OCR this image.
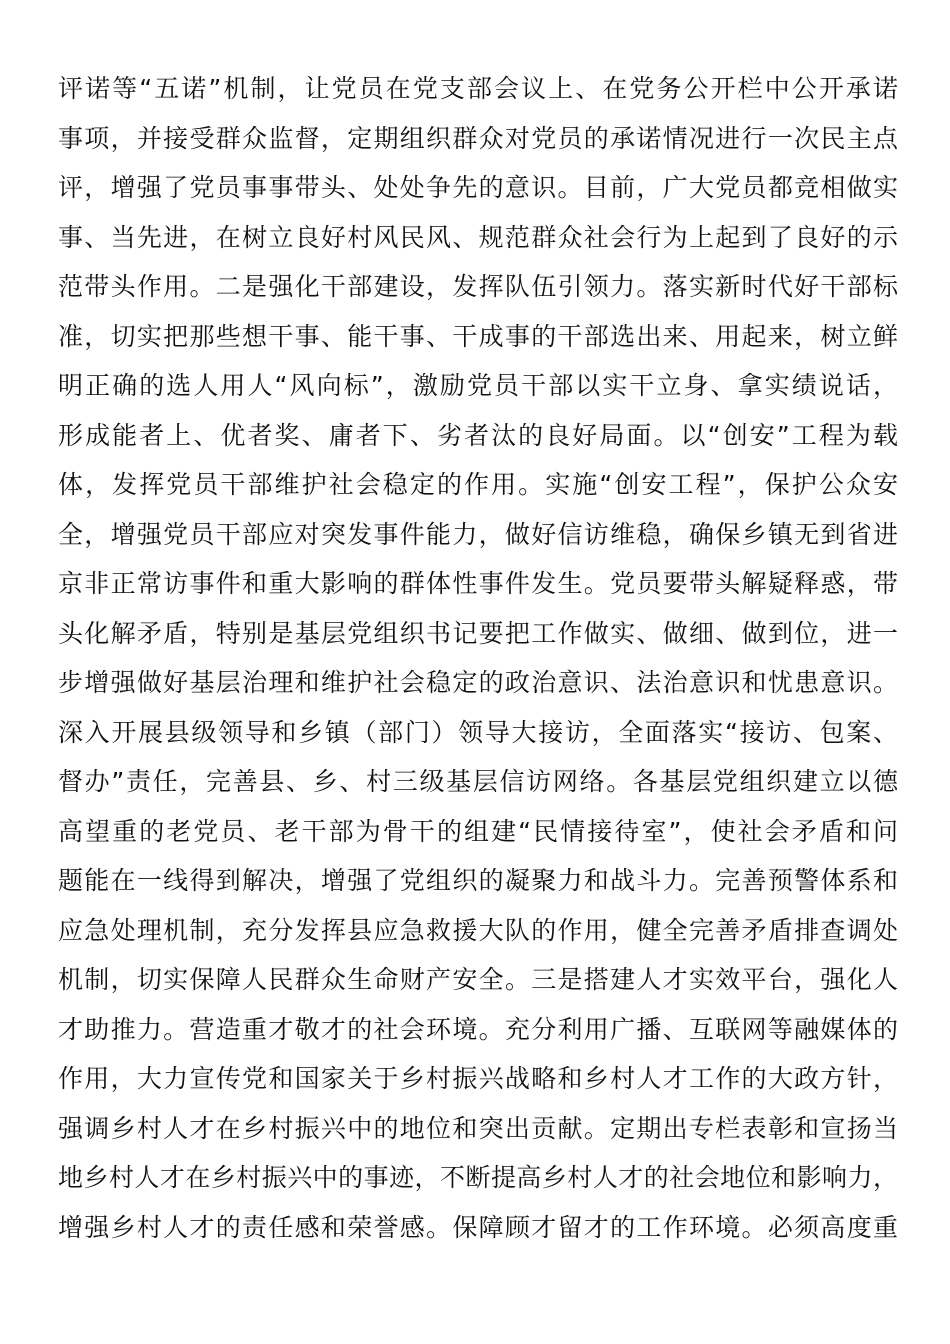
评诺等“五诺”机制，让党员在党支部会议上、在党务公开栏中公开承诺
事项，并接受群众监督，定期组织群众对党员的承诺情况进行一次民主点
评，增强了党员事事带头、处处争先的意识。目前，广大党员都竞相做实
事、当先进，在树立良好村风民风、规范群众社会行为上起到了良好的示
范带头作用。二是强化干部建设，发挥队伍引领力。落实新时代好干部标
准，切实把那些想干事、能干事、干成事的干部选出来、用起来，树立鲜
明正确的选人用人“风向标”，激励党员干部以实干立身、拿实绩说话，
形成能者上、优者奖、庸者下、劣者汰的良好局面。以“创安”工程为载
体，发挥党员干部维护社会稳定的作用。实施“创安工程”，保护公众安
全，增强党员干部应对突发事件能力，做好信访维稳，确保乡镇无到省进
京非正常访事件和重大影响的群体性事件发生。党员要带头解疑释惑，带
头化解矛盾，特别是基层党组织书记要把工作做实、做细、做到位，进一
步增强做好基层治理和维护社会稳定的政治意识、法治意识和忧患意识。
深入开展县级领导和乡镇（部门）领导大接访，全面落实“接访、包案、
督办”责任，完善县、乡、村三级基层信访网络。各基层党组织建立以德
高望重的老党员、老干部为骨干的组建“民情接待室”，使社会矛盾和问
题能在一线得到解决，增强了党组织的凝聚力和战斗力。完善预警体系和
应急处理机制，充分发挥县应急救援大队的作用，健全完善矛盾排查调处
机制，切实保障人民群众生命财产安全。三是搭建人才实效平台，强化人
才助推力。营造重才敬才的社会环境。充分利用广播、互联网等融媒体的
作用，大力宣传党和国家关于乡村振兴战略和乡村人才工作的大政方针，
强调乡村人才在乡村振兴中的地位和突出贡献。定期出专栏表彰和宣扬当
地乡村人才在乡村振兴中的事迹，不断提高乡村人才的社会地位和影响力，
增强乡村人才的责任感和荣誉感。保障顾才留才的工作环境。必须高度重
